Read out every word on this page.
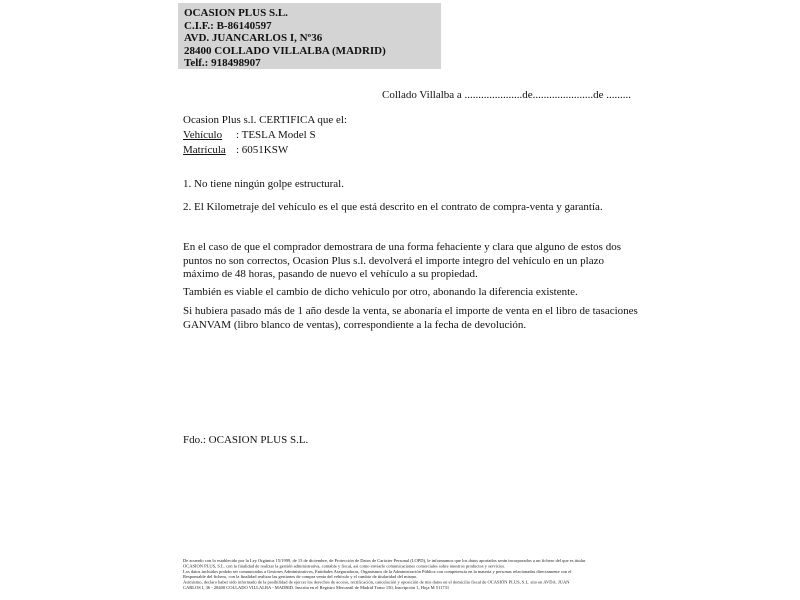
OCASION PLUS S.L.
C.I.F.: B-86140597
AVD. JUANCARLOS I, Nº36
28400 COLLADO VILLALBA (MADRID)
Telf.: 918498907
Collado Villalba a .....................de......................de .........
Ocasion Plus s.l. CERTIFICA que el:
Vehículo : TESLA Model S
Matrícula : 6051KSW
1. No tiene ningún golpe estructural.
2. El Kilometraje del vehículo es el que está descrito en el contrato de compra-venta y garantía.
En el caso de que el comprador demostrara de una forma fehaciente y clara que alguno de estos dos puntos no son correctos, Ocasion Plus s.l. devolverá el importe integro del vehículo en un plazo máximo de 48 horas, pasando de nuevo el vehículo a su propiedad.
También es viable el cambio de dicho vehiculo por otro, abonando la diferencia existente.
Si hubiera pasado más de 1 año desde la venta, se abonaría el importe de venta en el libro de tasaciones GANVAM (libro blanco de ventas), correspondiente a la fecha de devolución.
Fdo.: OCASION PLUS S.L.
De acuerdo con lo establecido por la Ley Orgánica 15/1999, de 13 de diciembre, de Protección de Datos de Carácter Personal (LOPD), le informamos que los datos aportados serán incorporados a un fichero del que es titular
OCASION PLUS, S.L. con la finalidad de realizar la gestión administrativa, contable y fiscal, así como enviarle comunicaciones comerciales sobre nuestros productos y servicios.
Los datos incluidos podrán ser comunicados a Gestores Administrativos, Entidades Aseguradoras, Organismos de la Administración Pública con competencia en la materia y personas relacionadas directamente con el
Responsable del fichero, con la finalidad realizar las gestiones de compra venta del vehículo y el cambio de titularidad del mismo.
Asimismo, declaro haber sido informado de la posibilidad de ejercer los derechos de acceso, rectificación, cancelación y oposición de mis datos en el domicilio fiscal de OCASIÓN PLUS, S.L. sito en AVDA. JUAN
CARLOS I, 36 - 28400 COLLADO VILLALBA - MADRID. Inscrita en el Registro Mercantil de Madrid Tomo 150, Inscripción 1, Hoja M 511731
